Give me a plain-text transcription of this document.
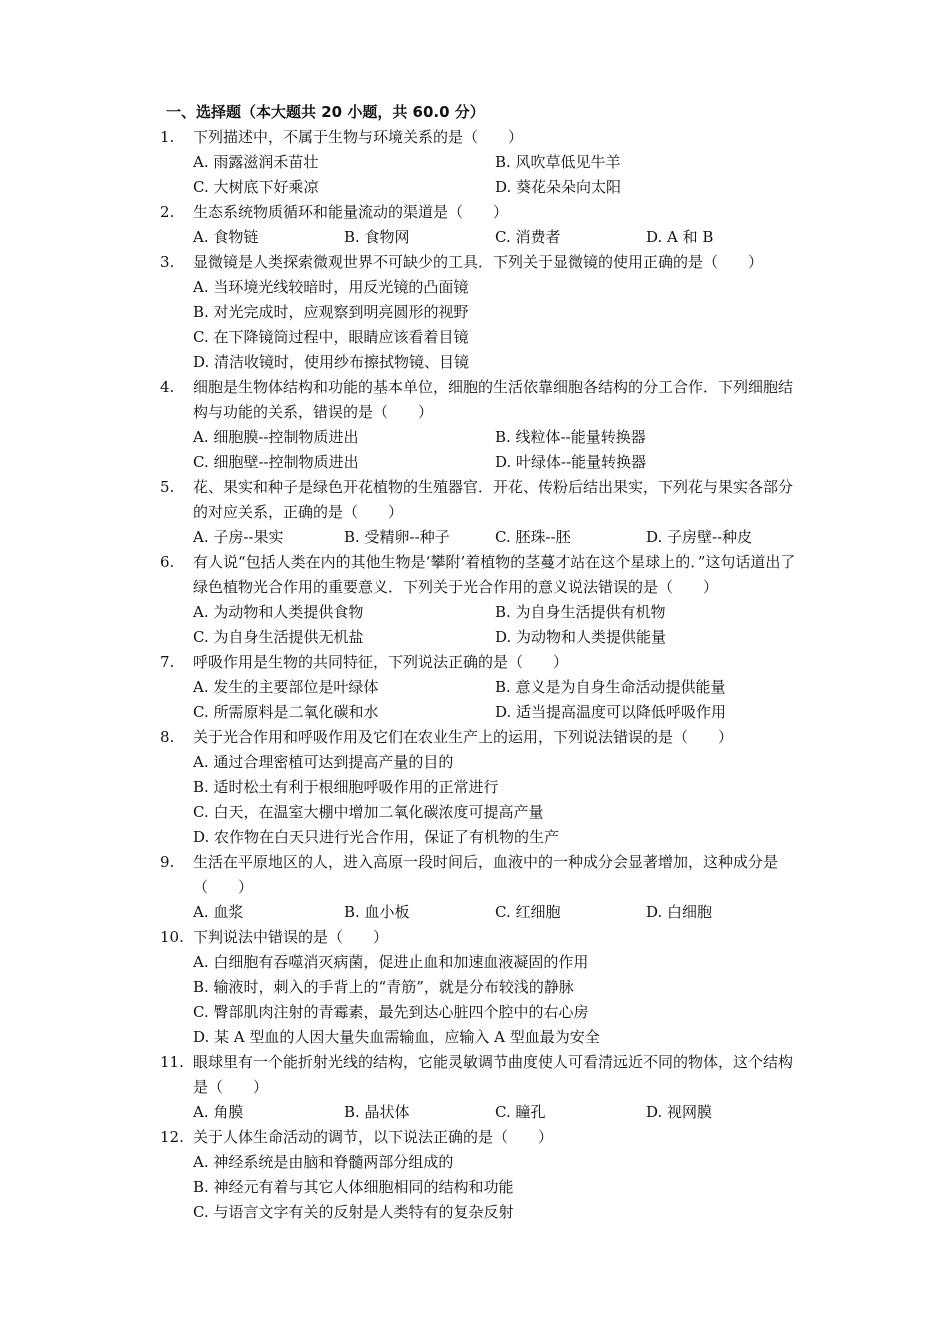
一、选择题（本大题共 20 小题，共 60.0 分）
1.	下列描述中，不属于生物与环境关系的是（　　）
A. 雨露滋润禾苗壮	B. 风吹草低见牛羊
C. 大树底下好乘凉	D. 葵花朵朵向太阳
2.	生态系统物质循环和能量流动的渠道是（　　）
A. 食物链	B. 食物网	C. 消费者	D. A 和 B
3.	显微镜是人类探索微观世界不可缺少的工具．下列关于显微镜的使用正确的是（　　）
A. 当环境光线较暗时，用反光镜的凸面镜
B. 对光完成时，应观察到明亮圆形的视野
C. 在下降镜筒过程中，眼睛应该看着目镜
D. 清洁收镜时，使用纱布擦拭物镜、目镜
4.	细胞是生物体结构和功能的基本单位，细胞的生活依靠细胞各结构的分工合作．下列细胞结构与功能的关系，错误的是（　　）
A. 细胞膜--控制物质进出	B. 线粒体--能量转换器
C. 细胞壁--控制物质进出	D. 叶绿体--能量转换器
5.	花、果实和种子是绿色开花植物的生殖器官．开花、传粉后结出果实，下列花与果实各部分的对应关系，正确的是（　　）
A. 子房--果实	B. 受精卵--种子	C. 胚珠--胚	D. 子房壁--种皮
6.	有人说“包括人类在内的其他生物是‘攀附’着植物的茎蔓才站在这个星球上的．”这句话道出了绿色植物光合作用的重要意义．下列关于光合作用的意义说法错误的是（　　）
A. 为动物和人类提供食物	B. 为自身生活提供有机物
C. 为自身生活提供无机盐	D. 为动物和人类提供能量
7.	呼吸作用是生物的共同特征，下列说法正确的是（　　）
A. 发生的主要部位是叶绿体	B. 意义是为自身生命活动提供能量
C. 所需原料是二氧化碳和水	D. 适当提高温度可以降低呼吸作用
8.	关于光合作用和呼吸作用及它们在农业生产上的运用，下列说法错误的是（　　）
A. 通过合理密植可达到提高产量的目的
B. 适时松土有利于根细胞呼吸作用的正常进行
C. 白天，在温室大棚中增加二氧化碳浓度可提高产量
D. 农作物在白天只进行光合作用，保证了有机物的生产
9.	生活在平原地区的人，进入高原一段时间后，血液中的一种成分会显著增加，这种成分是（　　）
A. 血浆	B. 血小板	C. 红细胞	D. 白细胞
10. 下判说法中错误的是（　　）
A. 白细胞有吞噬消灭病菌，促进止血和加速血液凝固的作用
B. 输液时，刺入的手背上的“青筋”，就是分布较浅的静脉
C. 臀部肌肉注射的青霉素，最先到达心脏四个腔中的右心房
D. 某 A 型血的人因大量失血需输血，应输入 A 型血最为安全
11. 眼球里有一个能折射光线的结构，它能灵敏调节曲度使人可看清远近不同的物体，这个结构是（　　）
A. 角膜	B. 晶状体	C. 瞳孔	D. 视网膜
12. 关于人体生命活动的调节，以下说法正确的是（　　）
A. 神经系统是由脑和脊髓两部分组成的
B. 神经元有着与其它人体细胞相同的结构和功能
C. 与语言文字有关的反射是人类特有的复杂反射
